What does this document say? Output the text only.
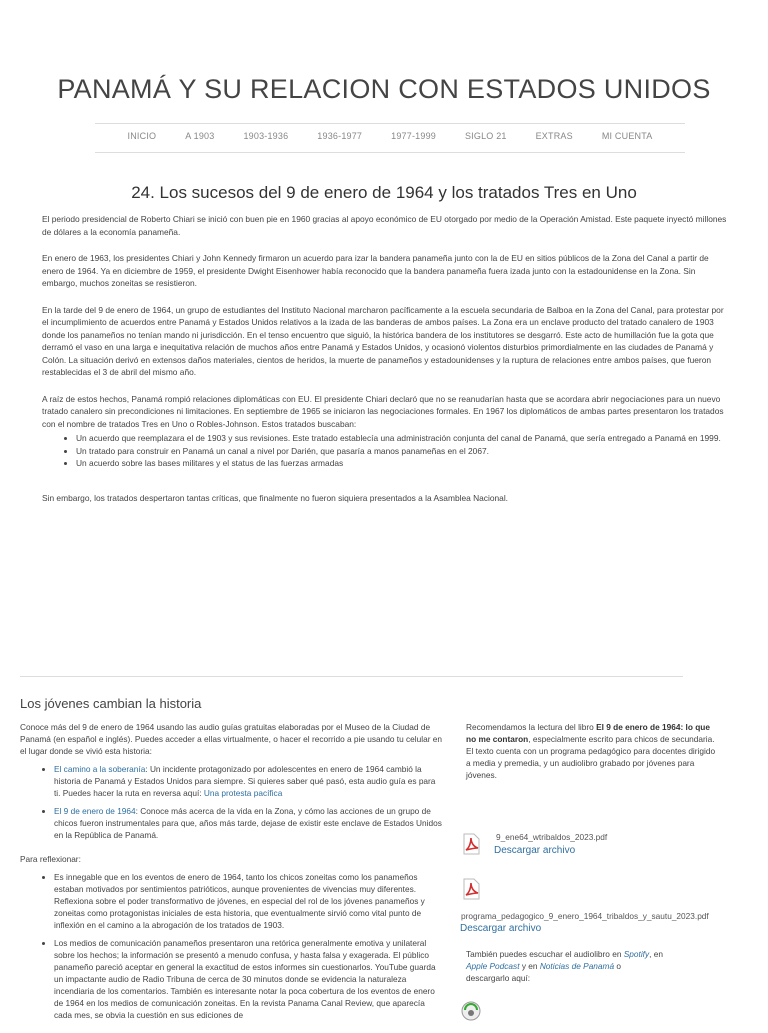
PANAMÁ Y SU RELACION CON ESTADOS UNIDOS
INICIO	A 1903	1903-1936	1936-1977	1977-1999	SIGLO 21	EXTRAS	MI CUENTA
24. Los sucesos del 9 de enero de 1964 y los tratados Tres en Uno

El periodo presidencial de Roberto Chiari se inició con buen pie en 1960 gracias al apoyo económico de EU otorgado por medio de la Operación Amistad. Este paquete inyectó millones de dólares a la economía panameña.

En enero de 1963, los presidentes Chiari y John Kennedy firmaron un acuerdo para izar la bandera panameña junto con la de EU en sitios públicos de la Zona del Canal a partir de enero de 1964. Ya en diciembre de 1959, el presidente Dwight Eisenhower había reconocido que la bandera panameña fuera izada junto con la estadounidense en la Zona. Sin embargo, muchos zoneitas se resistieron.

En la tarde del 9 de enero de 1964, un grupo de estudiantes del Instituto Nacional marcharon pacíficamente a la escuela secundaria de Balboa en la Zona del Canal, para protestar por el incumplimiento de acuerdos entre Panamá y Estados Unidos relativos a la izada de las banderas de ambos países. La Zona era un enclave producto del tratado canalero de 1903 donde los panameños no tenían mando ni jurisdicción. En el tenso encuentro que siguió, la histórica bandera de los institutores se desgarró. Este acto de humillación fue la gota que derramó el vaso en una larga e inequitativa relación de muchos años entre Panamá y Estados Unidos, y ocasionó violentos disturbios primordialmente en las ciudades de Panamá y Colón. La situación derivó en extensos daños materiales, cientos de heridos, la muerte de panameños y estadounidenses y la ruptura de relaciones entre ambos países, que fueron restablecidas el 3 de abril del mismo año.

A raíz de estos hechos, Panamá rompió relaciones diplomáticas con EU. El presidente Chiari declaró que no se reanudarían hasta que se acordara abrir negociaciones para un nuevo tratado canalero sin precondiciones ni limitaciones. En septiembre de 1965 se iniciaron las negociaciones formales. En 1967 los diplomáticos de ambas partes presentaron los tratados con el nombre de tratados Tres en Uno o Robles-Johnson. Estos tratados buscaban:

• Un acuerdo que reemplazara el de 1903 y sus revisiones. Este tratado establecía una administración conjunta del canal de Panamá, que sería entregado a Panamá en 1999.
• Un tratado para construir en Panamá un canal a nivel por Darién, que pasaría a manos panameñas en el 2067.
• Un acuerdo sobre las bases militares y el status de las fuerzas armadas

Sin embargo, los tratados despertaron tantas críticas, que finalmente no fueron siquiera presentados a la Asamblea Nacional.

Los jóvenes cambian la historia

Conoce más del 9 de enero de 1964 usando las audio guías gratuitas elaboradas por el Museo de la Ciudad de Panamá (en español e inglés). Puedes acceder a ellas virtualmente, o hacer el recorrido a pie usando tu celular en el lugar donde se vivió esta historia:

• El camino a la soberanía: Un incidente protagonizado por adolescentes en enero de 1964 cambió la historia de Panamá y Estados Unidos para siempre. Si quieres saber qué pasó, esta audio guía es para ti. Puedes hacer la ruta en reversa aquí: Una protesta pacífica
• El 9 de enero de 1964: Conoce más acerca de la vida en la Zona, y cómo las acciones de un grupo de chicos fueron instrumentales para que, años más tarde, dejase de existir este enclave de Estados Unidos en la República de Panamá.

Para reflexionar:

• Es innegable que en los eventos de enero de 1964, tanto los chicos zoneitas como los panameños estaban motivados por sentimientos patrióticos, aunque provenientes de vivencias muy diferentes. Reflexiona sobre el poder transformativo de jóvenes, en especial del rol de los jóvenes panameños y zoneitas como protagonistas iniciales de esta historia, que eventualmente sirvió como vital punto de inflexión en el camino a la abrogación de los tratados de 1903.
• Los medios de comunicación panameños presentaron una retórica generalmente emotiva y unilateral sobre los hechos; la información se presentó a menudo confusa, y hasta falsa y exagerada. El público panameño pareció aceptar en general la exactitud de estos informes sin cuestionarlos. YouTube guarda un impactante audio de Radio Tribuna de cerca de 30 minutos donde se evidencia la naturaleza incendiaria de los comentarios. También es interesante notar la poca cobertura de los eventos de enero de 1964 en los medios de comunicación zoneitas. En la revista Panama Canal Review, que aparecía cada mes, se obvia la cuestión en sus ediciones de
Recomendamos la lectura del libro El 9 de enero de 1964: lo que no me contaron, especialmente escrito para chicos de secundaria. El texto cuenta con un programa pedagógico para docentes dirigido a media y premedia, y un audiolibro grabado por jóvenes para jóvenes.
9_ene64_wtribaldos_2023.pdf
Descargar archivo
programa_pedagogico_9_enero_1964_tribaldos_y_sautu_2023.pdf
Descargar archivo
También puedes escuchar el audiolibro en Spotify, en Apple Podcast y en Noticias de Panamá o descargarlo aquí:
